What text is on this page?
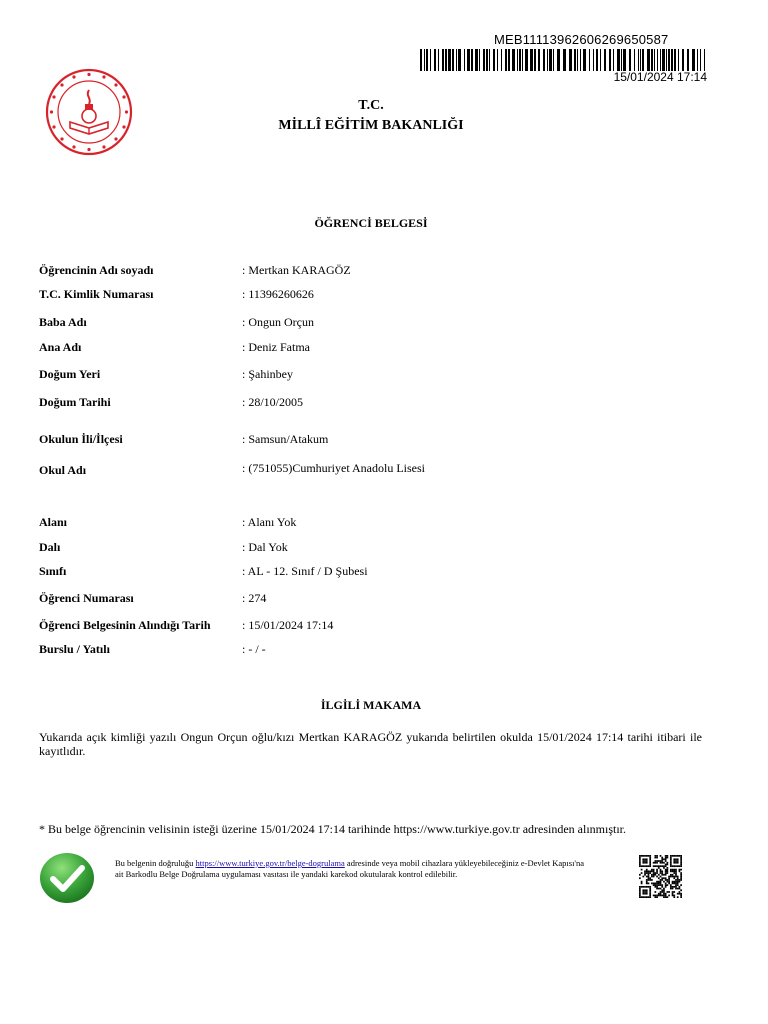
MEB11113962606269650587
15/01/2024 17:14
T.C.
MİLLÎ EĞİTİM BAKANLIĞI
ÖĞRENCİ BELGESİ
Öğrencinin Adı soyadı	: Mertkan KARAGÖZ
T.C. Kimlik Numarası	: 11396260626
Baba Adı	: Ongun Orçun
Ana Adı	: Deniz Fatma
Doğum Yeri	: Şahinbey
Doğum Tarihi	: 28/10/2005
Okulun İli/İlçesi	: Samsun/Atakum
Okul Adı	: (751055)Cumhuriyet Anadolu Lisesi
Alanı	: Alanı Yok
Dalı	: Dal Yok
Sınıfı	: AL - 12. Sınıf / D Şubesi
Öğrenci Numarası	: 274
Öğrenci Belgesinin Alındığı Tarih	: 15/01/2024 17:14
Burslu / Yatılı	: - / -
İLGİLİ MAKAMA
Yukarıda açık kimliği yazılı Ongun Orçun oğlu/kızı Mertkan KARAGÖZ yukarıda belirtilen okulda 15/01/2024 17:14 tarihi itibari ile kayıtlıdır.
* Bu belge öğrencinin velisinin isteği üzerine 15/01/2024 17:14 tarihinde https://www.turkiye.gov.tr adresinden alınmıştır.
Bu belgenin doğruluğu https://www.turkiye.gov.tr/belge-dogrulama adresinde veya mobil cihazlara yükleyebileceğiniz e-Devlet Kapısı'na ait Barkodlu Belge Doğrulama uygulaması vasıtası ile yandaki karekod okutularak kontrol edilebilir.
